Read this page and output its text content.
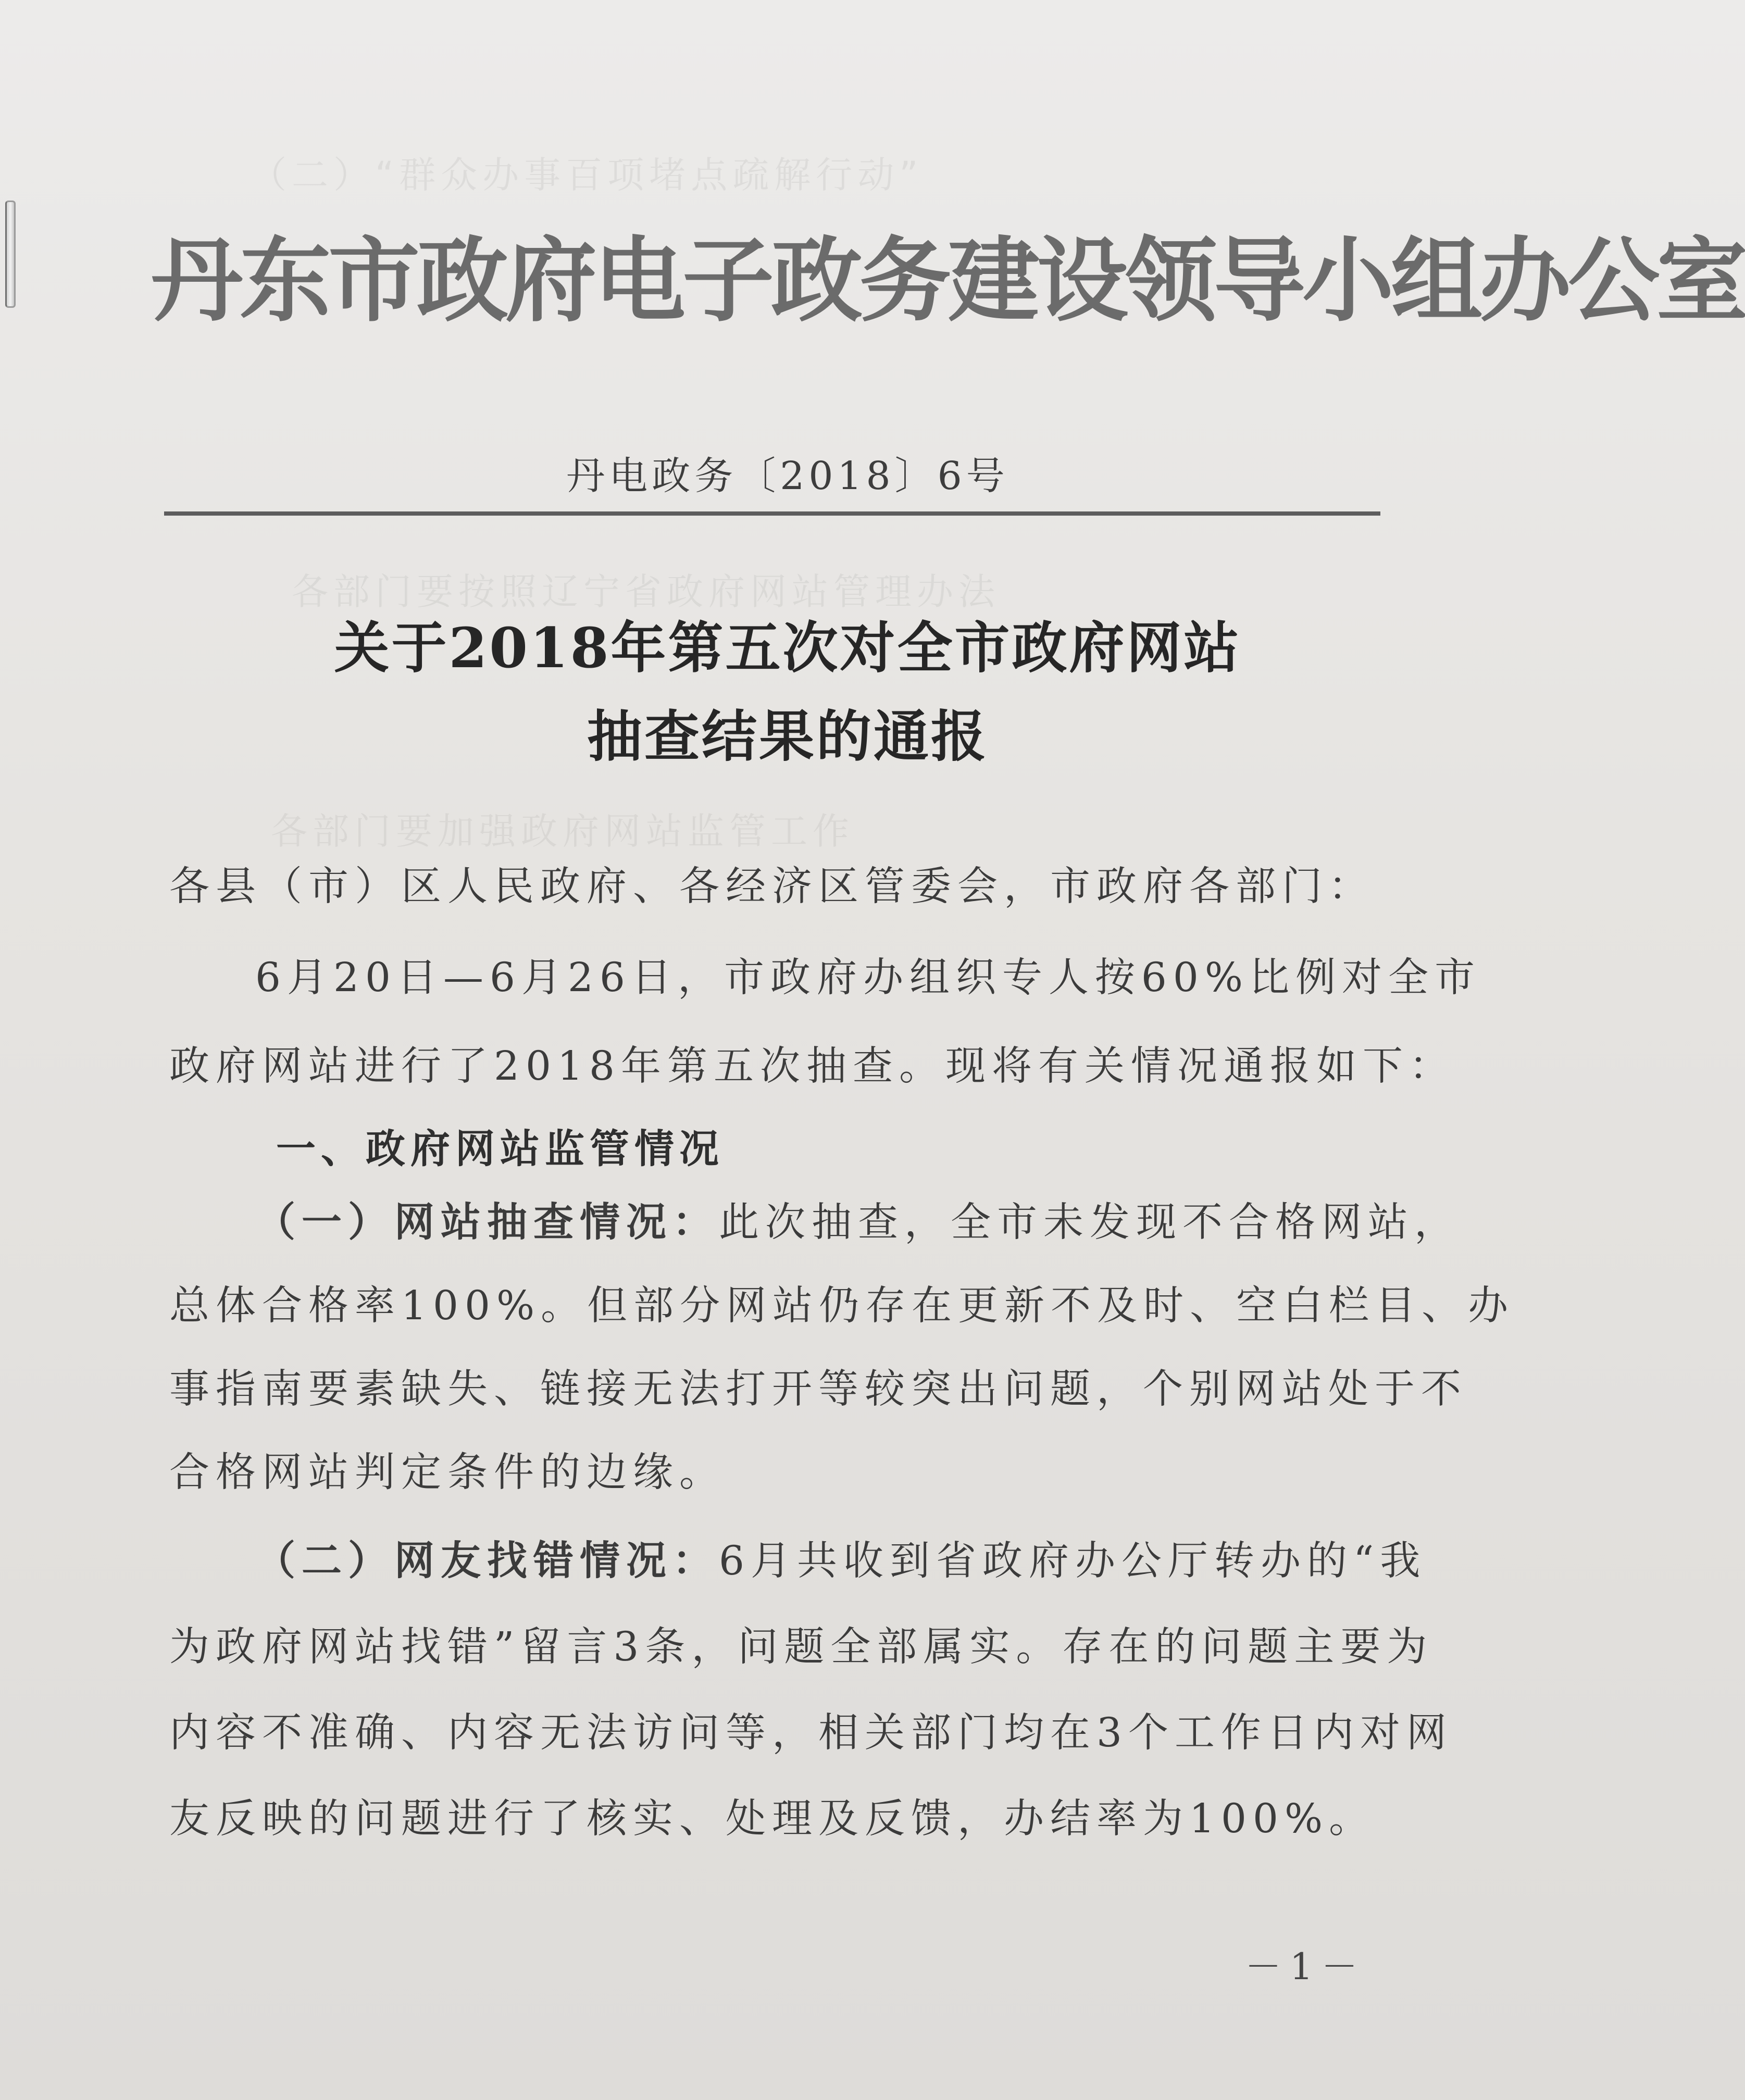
（二）“群众办事百项堵点疏解行动”
各部门要按照辽宁省政府网站管理办法
各部门要加强政府网站监管工作
丹东市政府电子政务建设领导小组办公室
丹电政务〔2018〕6号
关于2018年第五次对全市政府网站
抽查结果的通报
各县（市）区人民政府、各经济区管委会，市政府各部门：
6月20日—6月26日，市政府办组织专人按60%比例对全市
政府网站进行了2018年第五次抽查。现将有关情况通报如下：
一、政府网站监管情况
（一）网站抽查情况：此次抽查，全市未发现不合格网站，
总体合格率100%。但部分网站仍存在更新不及时、空白栏目、办
事指南要素缺失、链接无法打开等较突出问题，个别网站处于不
合格网站判定条件的边缘。
（二）网友找错情况：6月共收到省政府办公厅转办的“我
为政府网站找错”留言3条，问题全部属实。存在的问题主要为
内容不准确、内容无法访问等，相关部门均在3个工作日内对网
友反映的问题进行了核实、处理及反馈，办结率为100%。
－1－
